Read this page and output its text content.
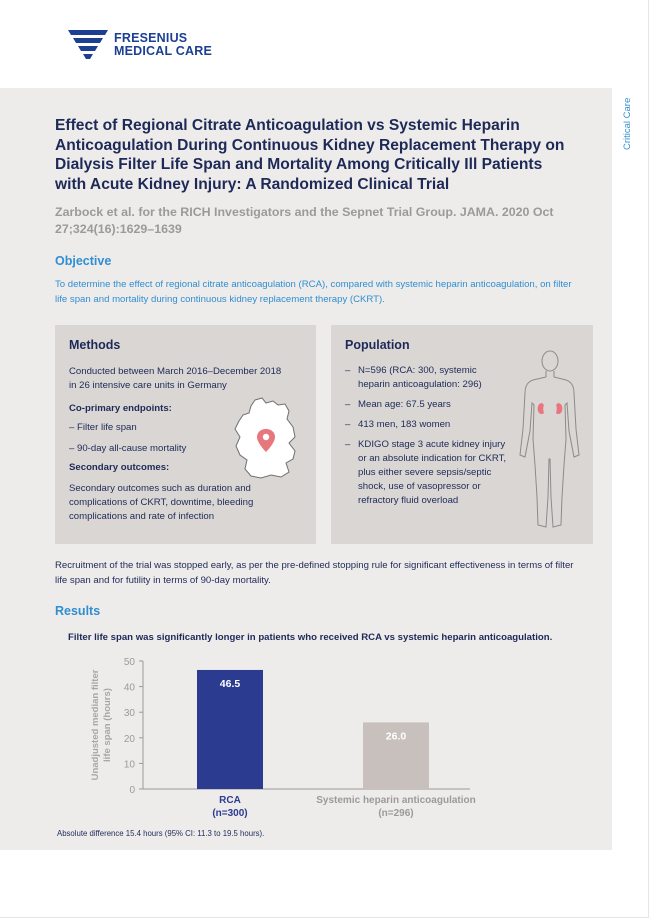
FRESENIUS
MEDICAL CARE
Critical Care
Effect of Regional Citrate Anticoagulation vs Systemic Heparin Anticoagulation During Continuous Kidney Replacement Therapy on Dialysis Filter Life Span and Mortality Among Critically Ill Patients with Acute Kidney Injury: A Randomized Clinical Trial
Zarbock et al. for the RICH Investigators and the Sepnet Trial Group. JAMA. 2020 Oct 27;324(16):1629–1639
Objective
To determine the effect of regional citrate anticoagulation (RCA), compared with systemic heparin anticoagulation, on filter life span and mortality during continuous kidney replacement therapy (CKRT).
Methods
Conducted between March 2016–December 2018 in 26 intensive care units in Germany
Co-primary endpoints:
– Filter life span
– 90-day all-cause mortality
Secondary outcomes:
Secondary outcomes such as duration and complications of CKRT, downtime, bleeding complications and rate of infection
Population
– N=596 (RCA: 300, systemic heparin anticoagulation: 296)
– Mean age: 67.5 years
– 413 men, 183 women
– KDIGO stage 3 acute kidney injury or an absolute indication for CKRT, plus either severe sepsis/septic shock, use of vasopressor or refractory fluid overload
Recruitment of the trial was stopped early, as per the pre-defined stopping rule for significant effectiveness in terms of filter life span and for futility in terms of 90-day mortality.
Results
Filter life span was significantly longer in patients who received RCA vs systemic heparin anticoagulation.
0
10
20
30
40
50
Unadjusted median filterlife span (hours)
46.5
RCA
(n=300)
26.0
Systemic heparin anticoagulation
(n=296)
Absolute difference 15.4 hours (95% CI: 11.3 to 19.5 hours).
